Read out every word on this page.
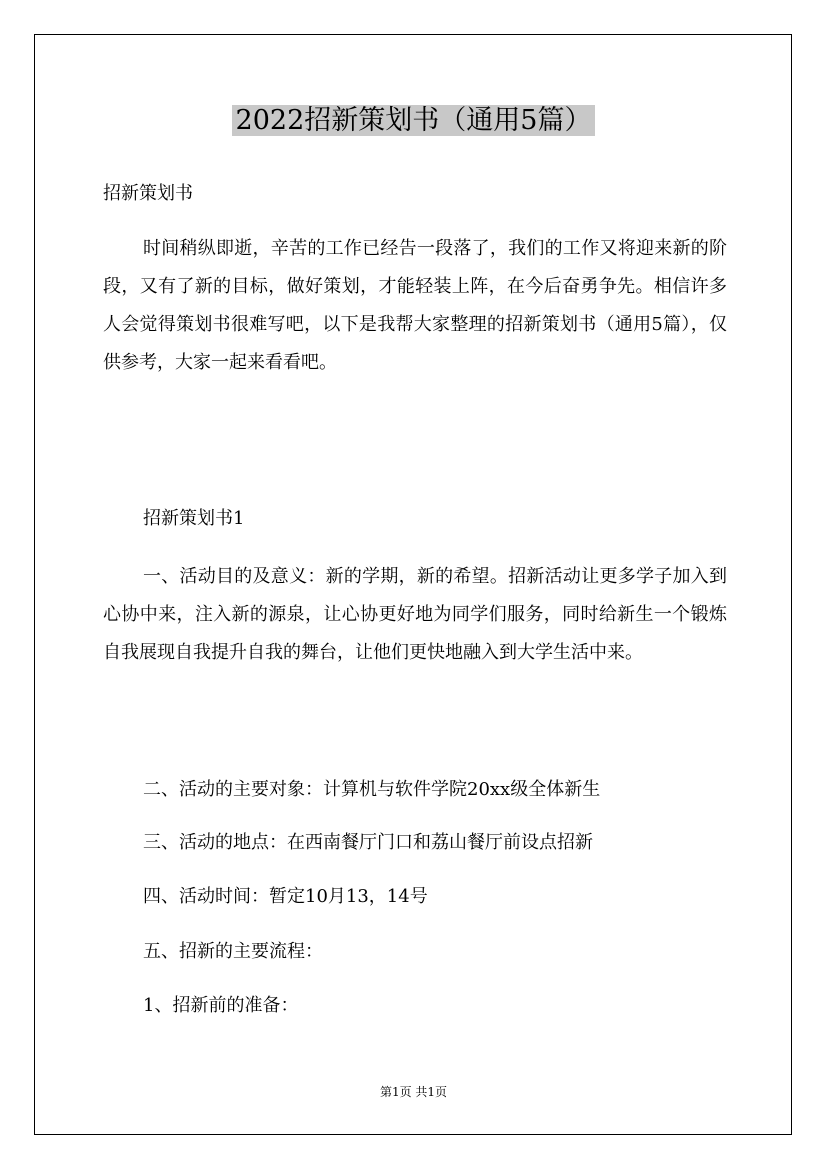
2022招新策划书（通用5篇）
招新策划书
时间稍纵即逝，辛苦的工作已经告一段落了，我们的工作又将迎来新的阶段，又有了新的目标，做好策划，才能轻装上阵，在今后奋勇争先。相信许多人会觉得策划书很难写吧，以下是我帮大家整理的招新策划书（通用5篇），仅供参考，大家一起来看看吧。
招新策划书1
一、活动目的及意义：新的学期，新的希望。招新活动让更多学子加入到心协中来，注入新的源泉，让心协更好地为同学们服务，同时给新生一个锻炼自我展现自我提升自我的舞台，让他们更快地融入到大学生活中来。
二、活动的主要对象：计算机与软件学院20xx级全体新生
三、活动的地点：在西南餐厅门口和荔山餐厅前设点招新
四、活动时间：暂定10月13，14号
五、招新的主要流程：
1、招新前的准备：
第1页 共1页
